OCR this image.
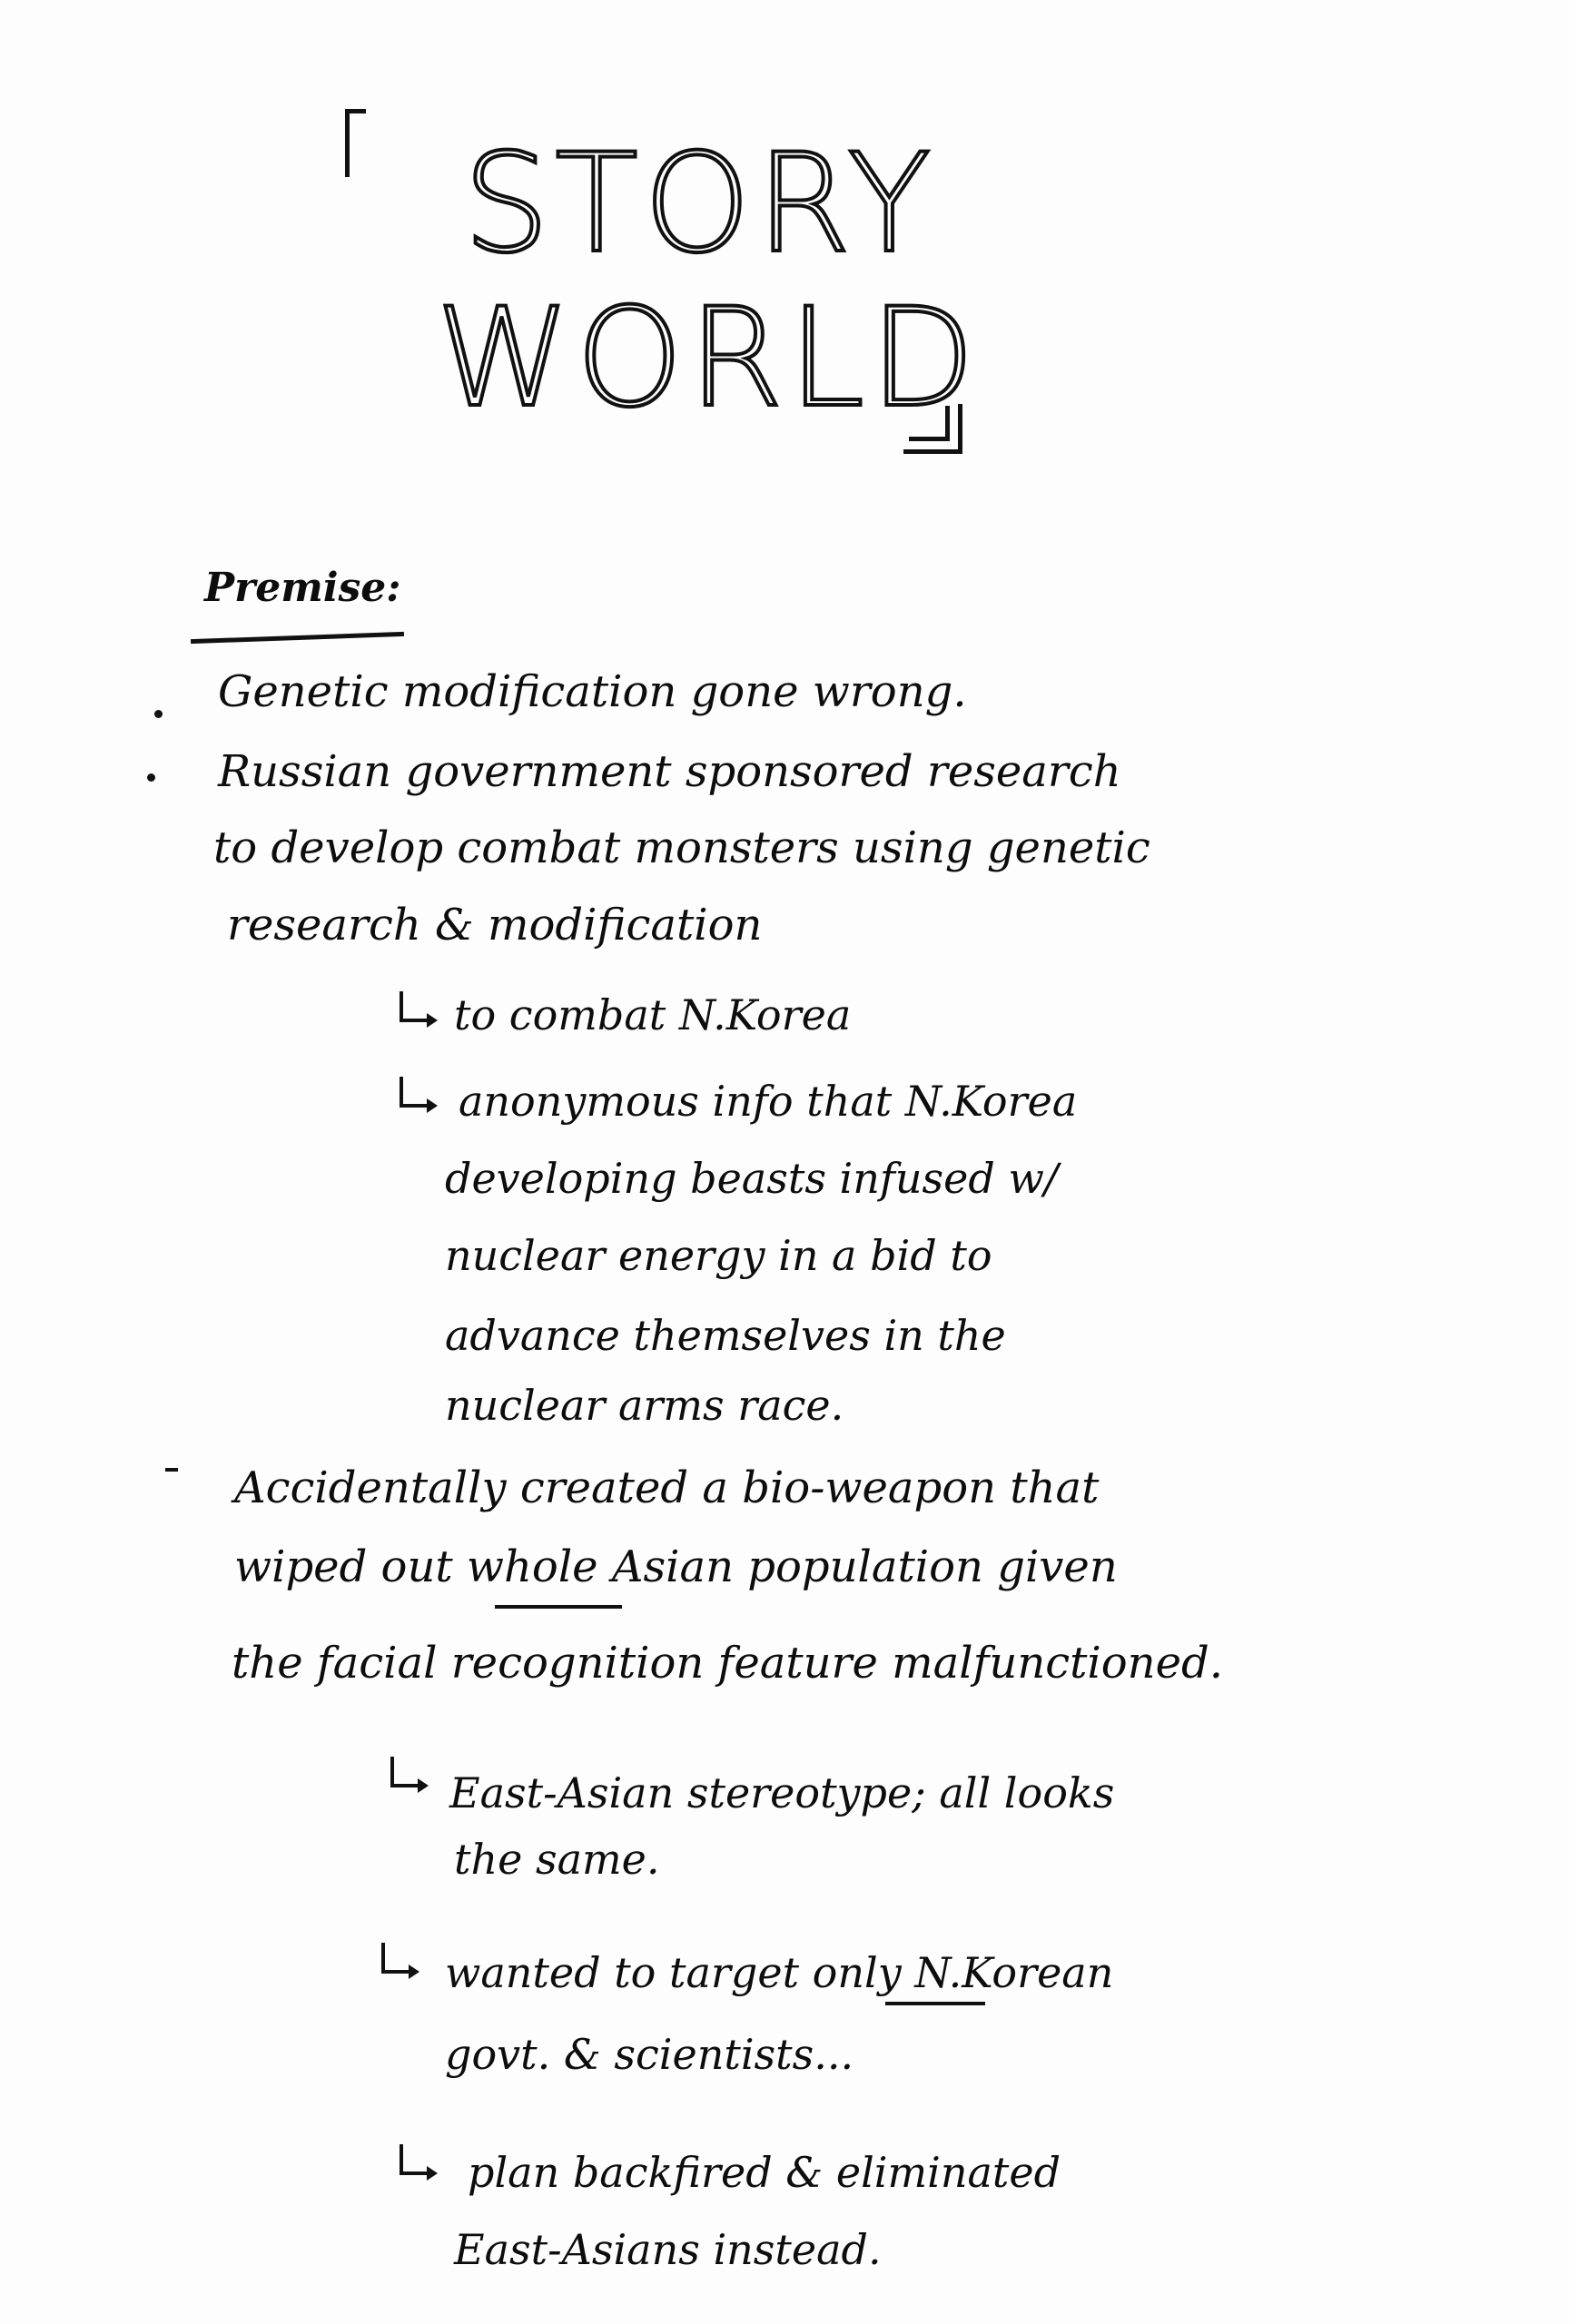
STORY
WORLD
Premise:
Genetic modification gone wrong.
Russian government sponsored research
to develop combat monsters using genetic
research & modification
to combat N.Korea
anonymous info that N.Korea
developing beasts infused w/
nuclear energy in a bid to
advance themselves in the
nuclear arms race.
Accidentally created a bio-weapon that
wiped out whole Asian population given
the facial recognition feature malfunctioned.
East-Asian stereotype; all looks
the same.
wanted to target only N.Korean
govt. & scientists...
plan backfired & eliminated
East-Asians instead.
